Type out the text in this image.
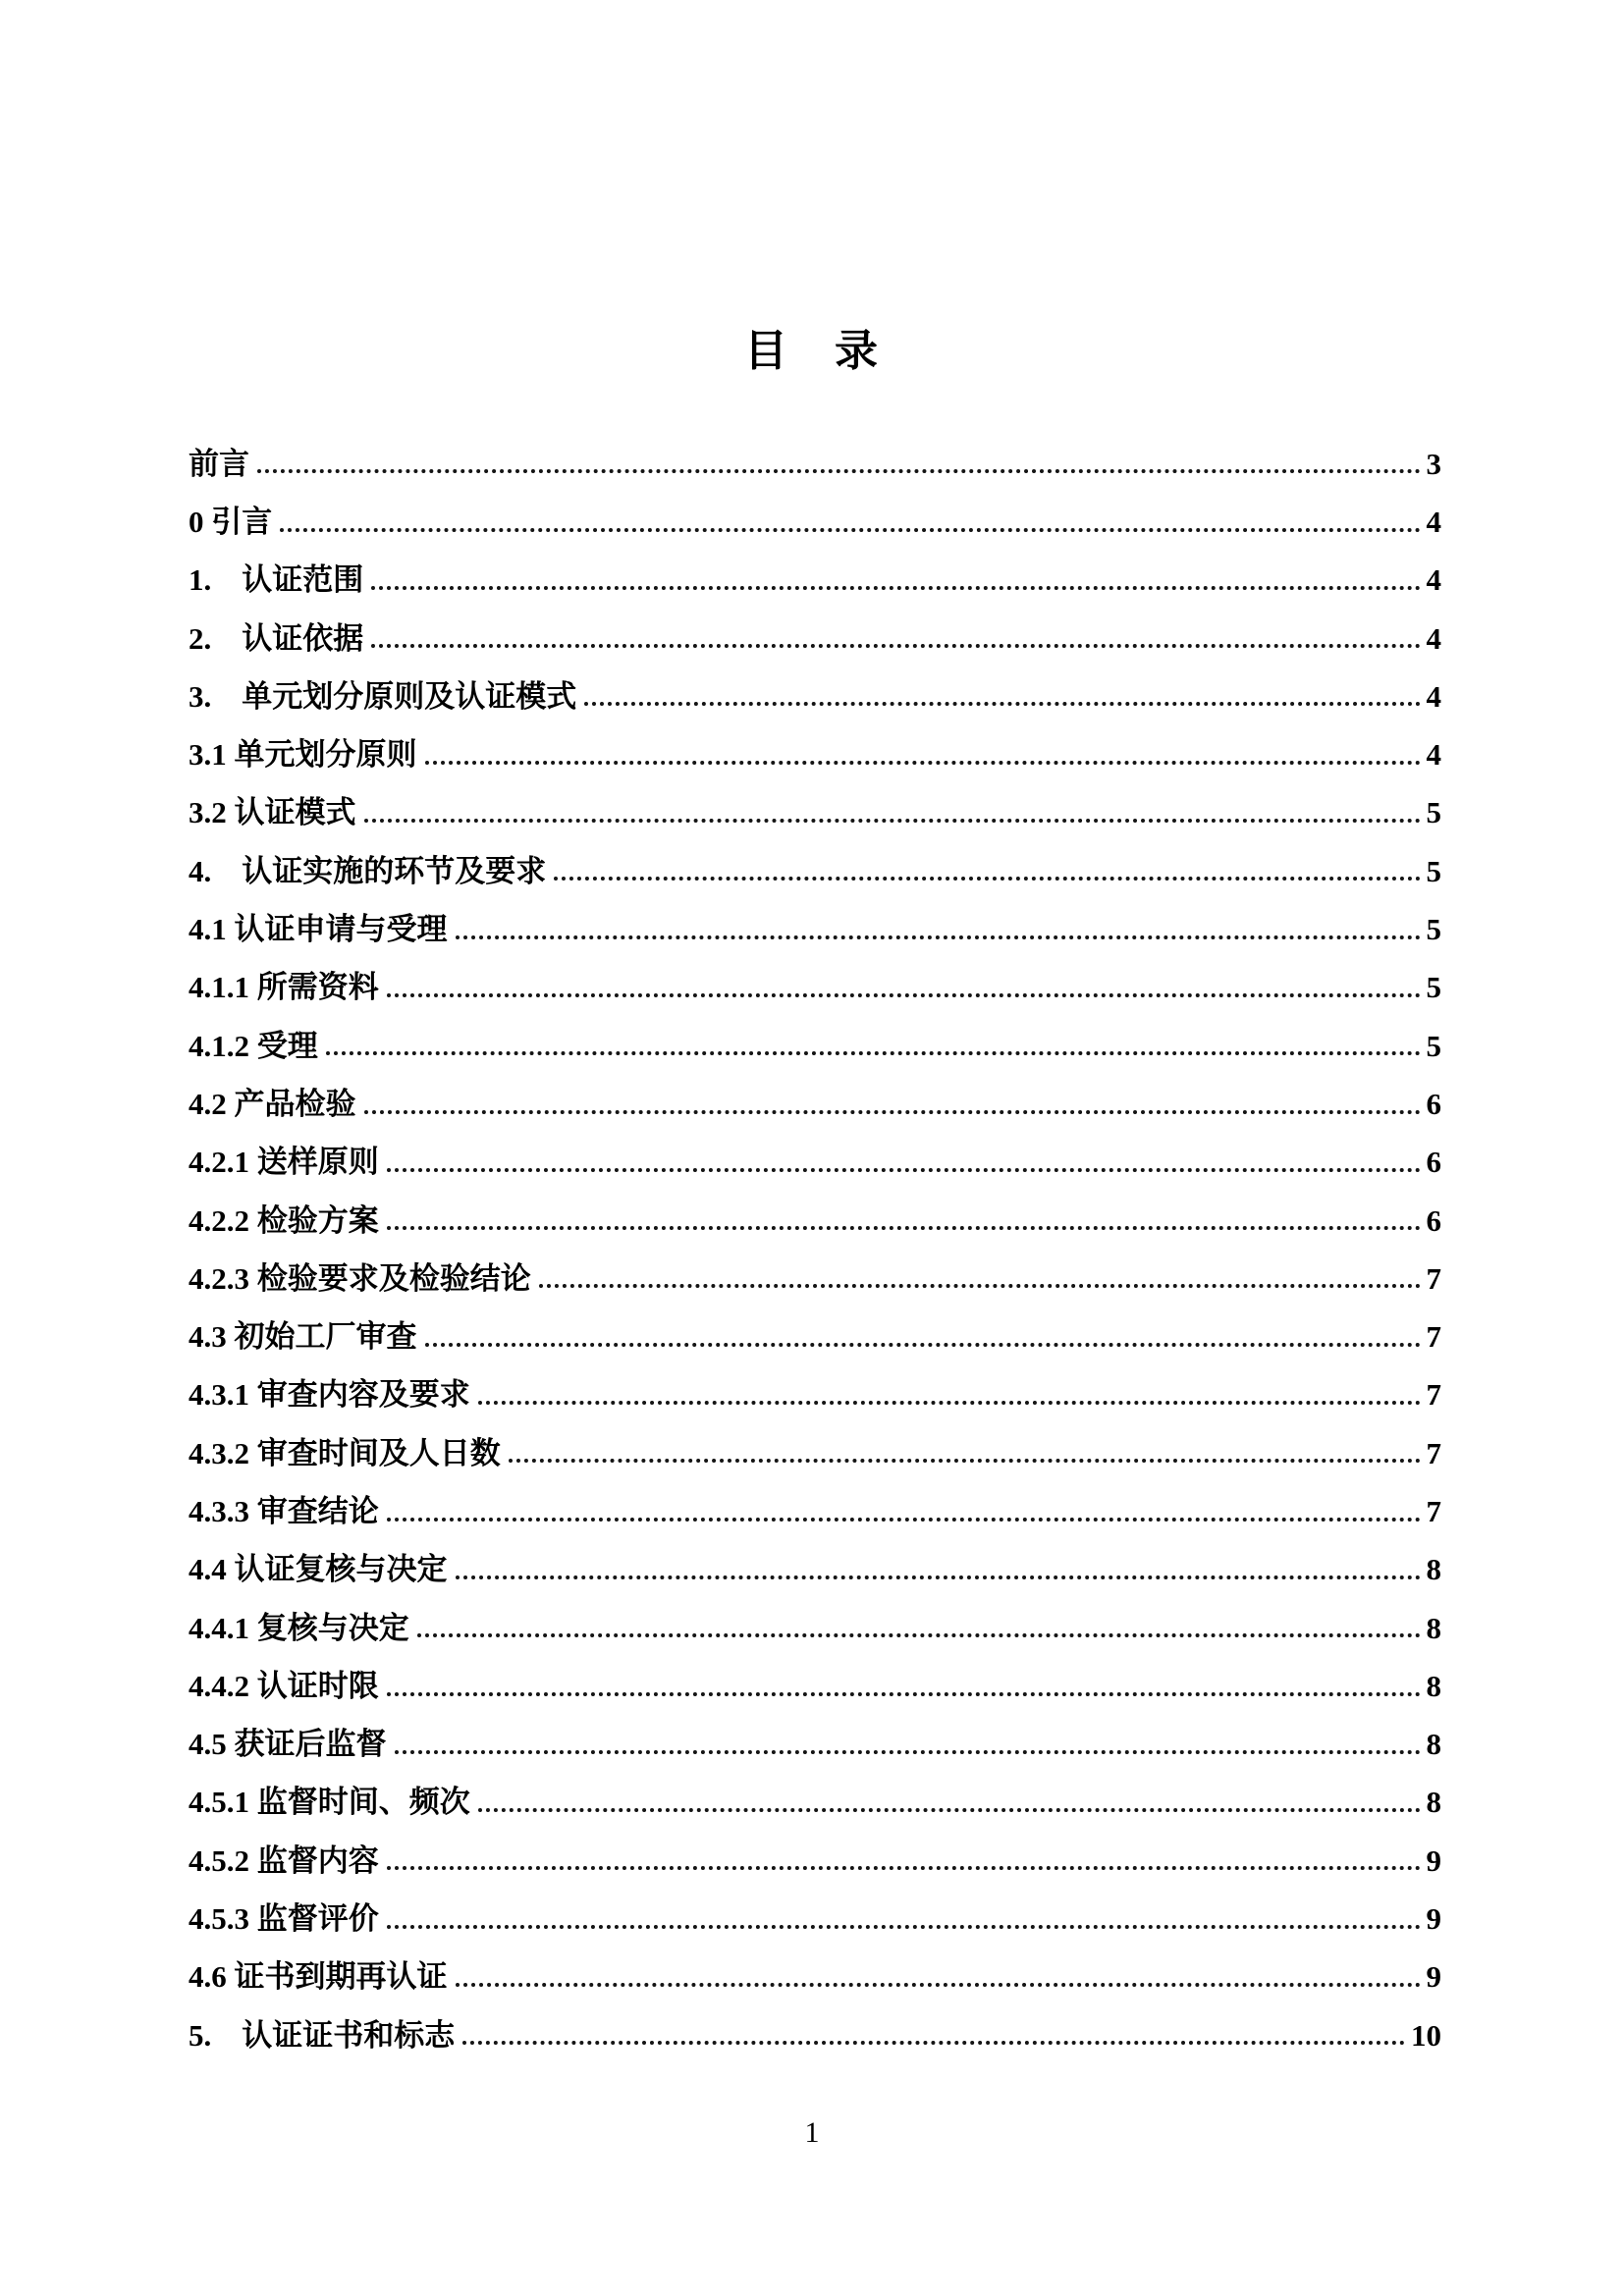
目　录
前言	3
0 引言	4
1.　认证范围	4
2.　认证依据	4
3.　单元划分原则及认证模式	4
3.1 单元划分原则	4
3.2 认证模式	5
4.　认证实施的环节及要求	5
4.1 认证申请与受理	5
4.1.1 所需资料	5
4.1.2 受理	5
4.2 产品检验	6
4.2.1 送样原则	6
4.2.2 检验方案	6
4.2.3 检验要求及检验结论	7
4.3 初始工厂审查	7
4.3.1 审查内容及要求	7
4.3.2 审查时间及人日数	7
4.3.3 审查结论	7
4.4 认证复核与决定	8
4.4.1 复核与决定	8
4.4.2 认证时限	8
4.5 获证后监督	8
4.5.1 监督时间、频次	8
4.5.2 监督内容	9
4.5.3 监督评价	9
4.6 证书到期再认证	9
5.　认证证书和标志	10
1
